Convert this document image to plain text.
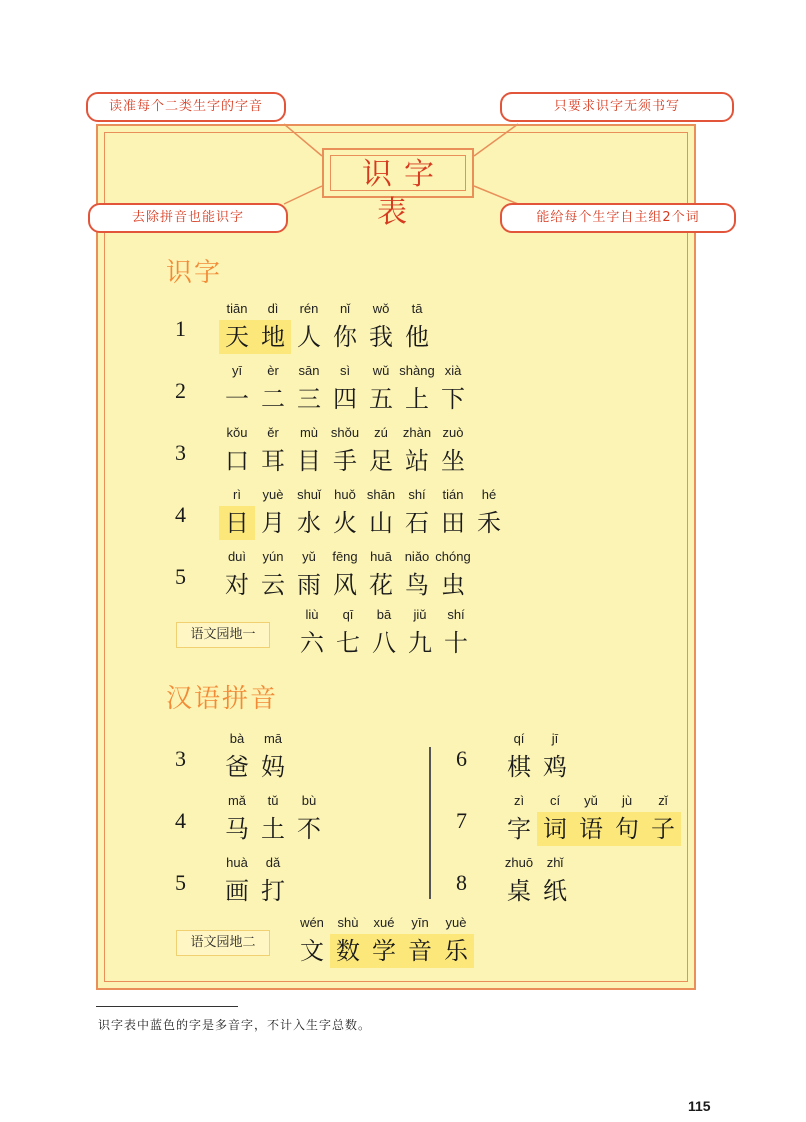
识字表
读准每个二类生字的字音	只要求识字无须书写
去除拼音也能识字	能给每个生字自主组2个词
识字
汉语拼音
1
tiān
天
dì
地
rén
人
nǐ
你
wǒ
我
tā
他
2
yī
一
èr
二
sān
三
sì
四
wǔ
五
shàng
上
xià
下
3
kǒu
口
ěr
耳
mù
目
shǒu
手
zú
足
zhàn
站
zuò
坐
4
rì
日
yuè
月
shuǐ
水
huǒ
火
shān
山
shí
石
tián
田
hé
禾
5
duì
对
yún
云
yǔ
雨
fēng
风
huā
花
niǎo
鸟
chóng
虫
语文园地一
liù
六
qī
七
bā
八
jiǔ
九
shí
十
3
bà
爸
mā
妈
4
mǎ
马
tǔ
土
bù
不
5
huà
画
dǎ
打
6
qí
棋
jī
鸡
7
zì
字
cí
词
yǔ
语
jù
句
zǐ
子
8
zhuō
桌
zhǐ
纸
语文园地二
wén
文
shù
数
xué
学
yīn
音
yuè
乐
识字表中蓝色的字是多音字，不计入生字总数。
115
